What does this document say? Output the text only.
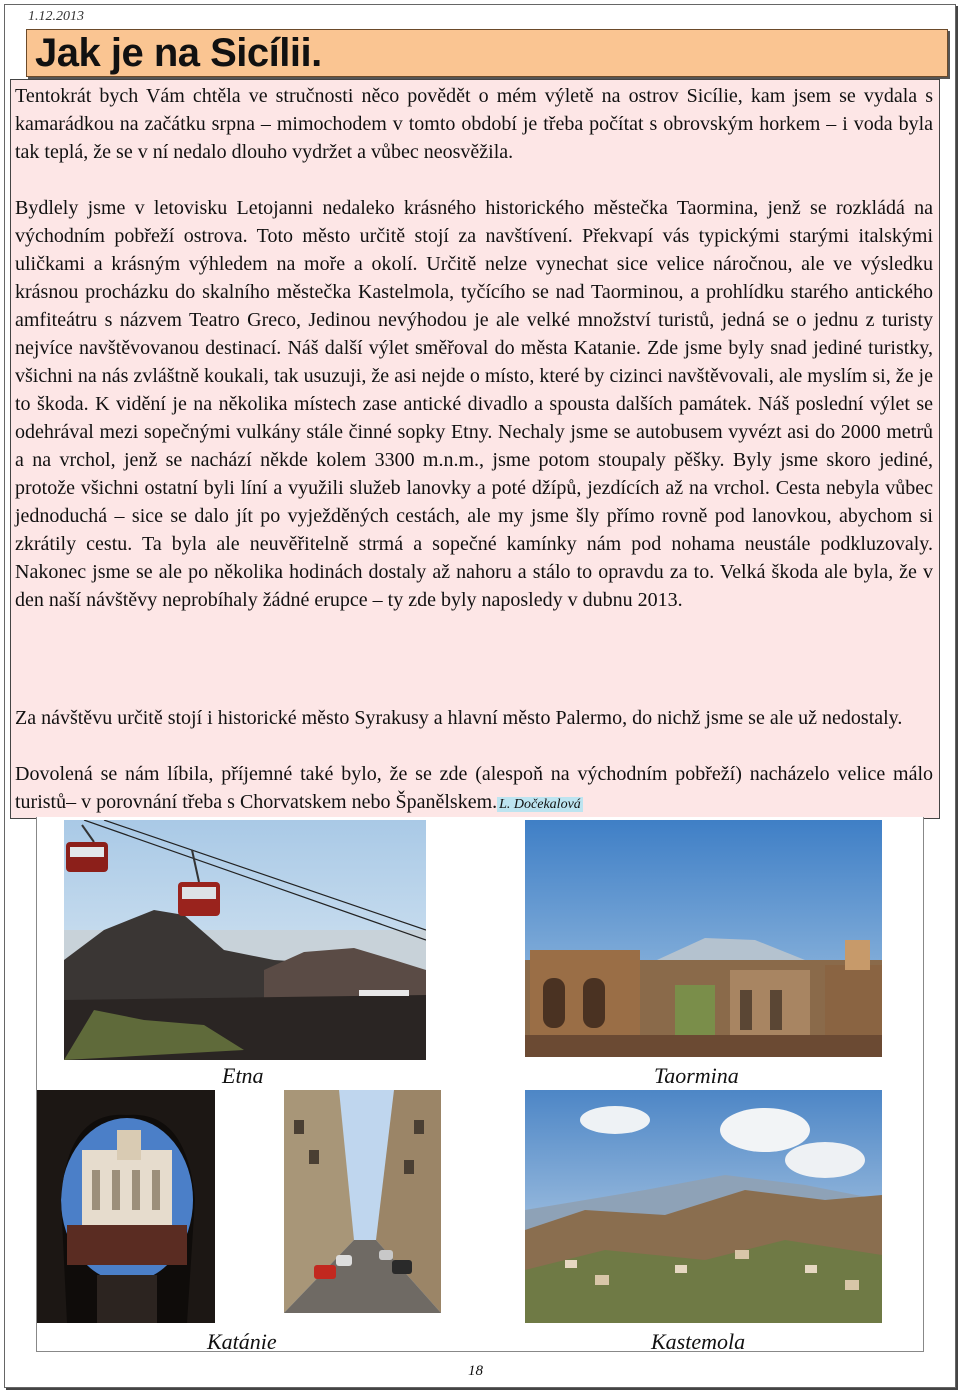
1.12.2013
Jak je na Sicílii.

Tentokrát bych Vám chtěla ve stručnosti něco povědět o mém výletě na ostrov Sicílie, kam jsem se vydala s kamarádkou na začátku srpna – mimochodem v tomto období je třeba počítat s obrovským horkem – i voda byla tak teplá, že se v ní nedalo dlouho vydržet a vůbec neosvěžila.

Bydlely jsme v letovisku Letojanni nedaleko krásného historického městečka Taormina, jenž se rozkládá na východním pobřeží ostrova. Toto město určitě stojí za navštívení. Překvapí vás typickými starými italskými uličkami a krásným výhledem na moře a okolí. Určitě nelze vynechat sice velice náročnou, ale ve výsledku krásnou procházku do skalního městečka Kastelmola, tyčícího se nad Taorminou, a prohlídku starého antického amfiteátru s názvem Teatro Greco, Jedinou nevýhodou je ale velké množství turistů, jedná se o jednu z turisty nejvíce navštěvovanou destinací. Náš další výlet směřoval do města Katanie. Zde jsme byly snad jediné turistky, všichni na nás zvláštně koukali, tak usuzuji, že asi nejde o místo, které by cizinci navštěvovali, ale myslím si, že je to škoda. K vidění je na několika místech zase antické divadlo a spousta dalších památek. Náš poslední výlet se odehrával mezi sopečnými vulkány stále činné sopky Etny. Nechaly jsme se autobusem vyvézt asi do 2000 metrů a na vrchol, jenž se nachází někde kolem 3300 m.n.m., jsme potom stoupaly pěšky. Byly jsme skoro jediné, protože všichni ostatní byli líní a využili služeb lanovky a poté džípů, jezdících až na vrchol. Cesta nebyla vůbec jednoduchá – sice se dalo jít po vyježděných cestách, ale my jsme šly přímo rovně pod lanovkou, abychom si zkrátily cestu. Ta byla ale neuvěřitelně strmá a sopečné kamínky nám pod nohama neustále podkluzovaly. Nakonec jsme se ale po několika hodinách dostaly až nahoru a stálo to opravdu za to. Velká škoda ale byla, že v den naší návštěvy neprobíhaly žádné erupce – ty zde byly naposledy v dubnu 2013.

Za návštěvu určitě stojí i historické město Syrakusy a hlavní město Palermo, do nichž jsme se ale už nedostaly.

Dovolená se nám líbila, příjemné také bylo, že se zde (alespoň na východním pobřeží) nacházelo velice málo turistů– v porovnání třeba s Chorvatskem nebo Španělskem. L. Dočekalová

Etna	Taormina
Katánie	Kastemola
18
